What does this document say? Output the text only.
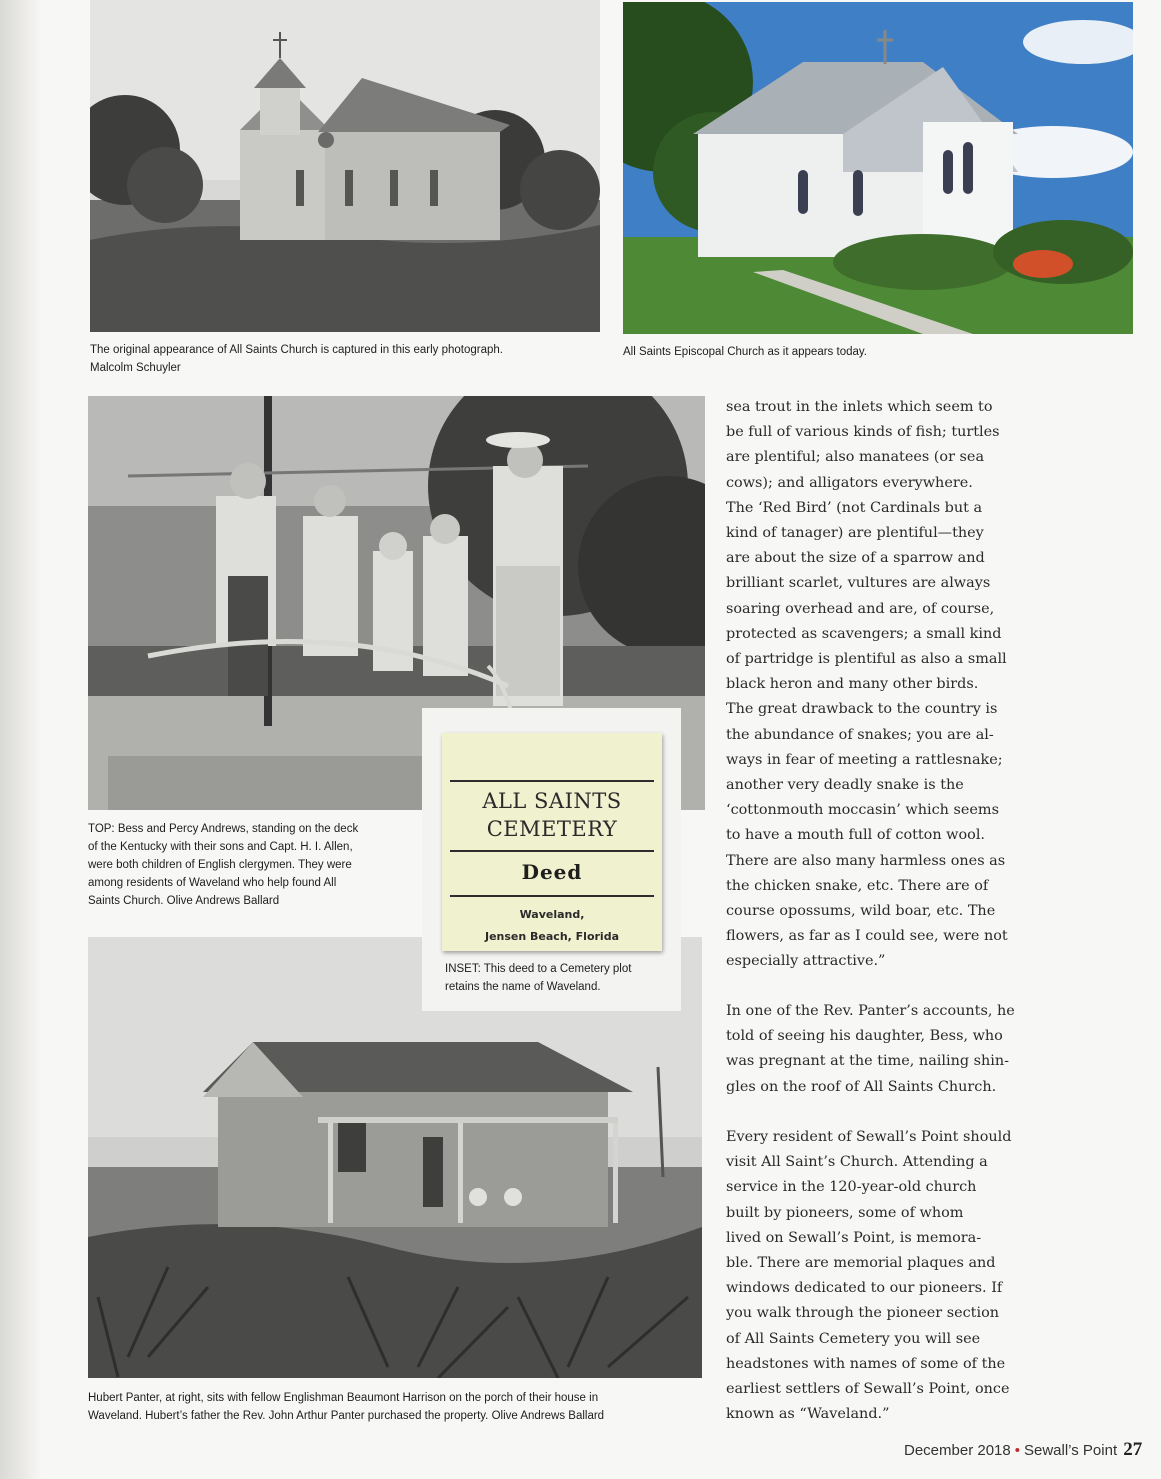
The original appearance of All Saints Church is captured in this early photograph.
Malcolm Schuyler

All Saints Episcopal Church as it appears today.

TOP: Bess and Percy Andrews, standing on the deck
of the Kentucky with their sons and Capt. H. I. Allen,
were both children of English clergymen. They were
among residents of Waveland who help found All
Saints Church. Olive Andrews Ballard

Hubert Panter, at right, sits with fellow Englishman Beaumont Harrison on the porch of their house in
Waveland. Hubert’s father the Rev. John Arthur Panter purchased the property. Olive Andrews Ballard

ALL SAINTS
CEMETERY
Deed
Waveland,
Jensen Beach, Florida

INSET: This deed to a Cemetery plot
retains the name of Waveland.

sea trout in the inlets which seem to
be full of various kinds of fish; turtles
are plentiful; also manatees (or sea
cows); and alligators everywhere.
The ‘Red Bird’ (not Cardinals but a
kind of tanager) are plentiful—they
are about the size of a sparrow and
brilliant scarlet, vultures are always
soaring overhead and are, of course,
protected as scavengers; a small kind
of partridge is plentiful as also a small
black heron and many other birds.
The great drawback to the country is
the abundance of snakes; you are al-
ways in fear of meeting a rattlesnake;
another very deadly snake is the
‘cottonmouth moccasin’ which seems
to have a mouth full of cotton wool.
There are also many harmless ones as
the chicken snake, etc. There are of
course opossums, wild boar, etc. The
flowers, as far as I could see, were not
especially attractive.”

In one of the Rev. Panter’s accounts, he
told of seeing his daughter, Bess, who
was pregnant at the time, nailing shin-
gles on the roof of All Saints Church.

Every resident of Sewall’s Point should
visit All Saint’s Church. Attending a
service in the 120-year-old church
built by pioneers, some of whom
lived on Sewall’s Point, is memora-
ble. There are memorial plaques and
windows dedicated to our pioneers. If
you walk through the pioneer section
of All Saints Cemetery you will see
headstones with names of some of the
earliest settlers of Sewall’s Point, once
known as “Waveland.”

December 2018 • Sewall’s Point 27
